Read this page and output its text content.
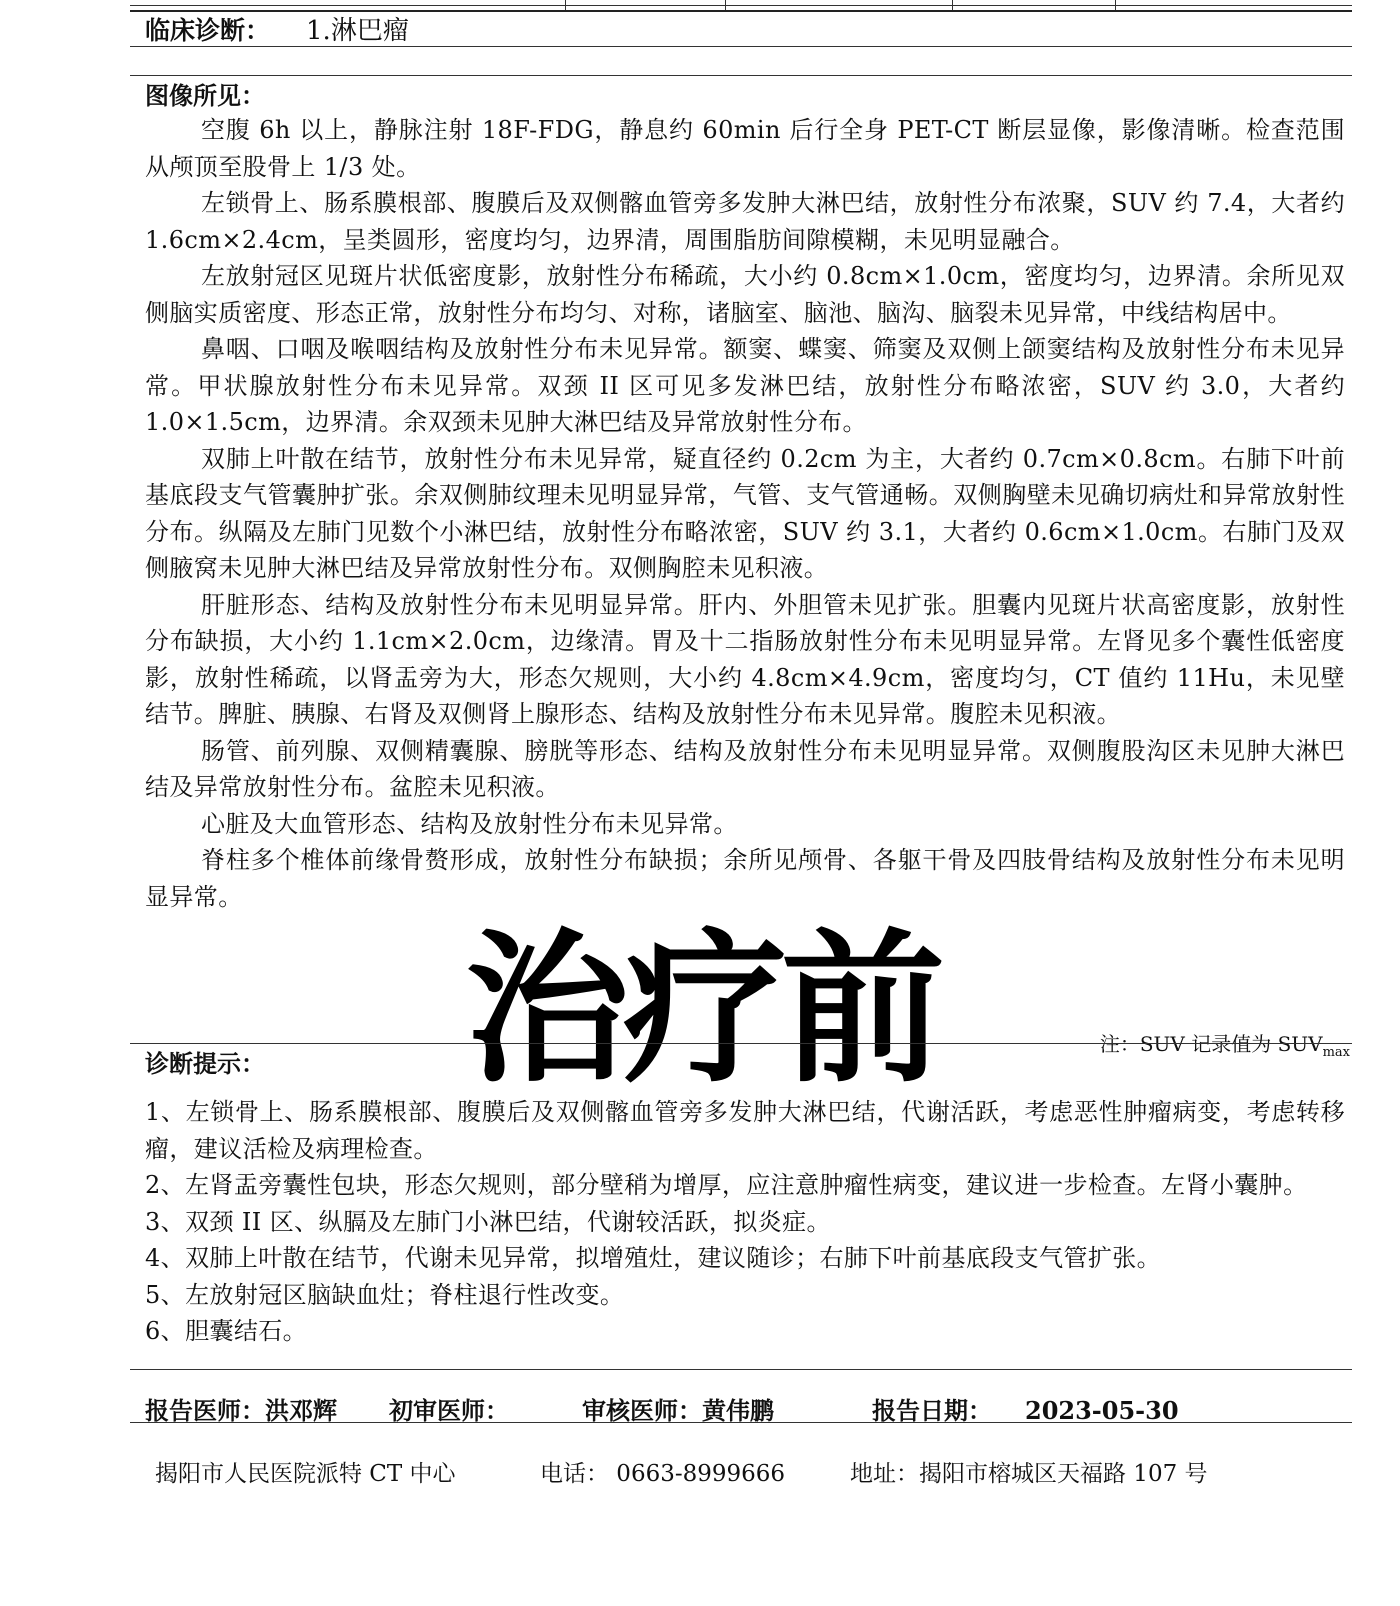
临床诊断： 1.淋巴瘤
图像所见：

空腹 6h 以上，静脉注射 18F-FDG，静息约 60min 后行全身 PET-CT 断层显像，影像清晰。检查范围从颅顶至股骨上 1/3 处。

左锁骨上、肠系膜根部、腹膜后及双侧髂血管旁多发肿大淋巴结，放射性分布浓聚，SUV 约 7.4，大者约 1.6cm×2.4cm，呈类圆形，密度均匀，边界清，周围脂肪间隙模糊，未见明显融合。

左放射冠区见斑片状低密度影，放射性分布稀疏，大小约 0.8cm×1.0cm，密度均匀，边界清。余所见双侧脑实质密度、形态正常，放射性分布均匀、对称，诸脑室、脑池、脑沟、脑裂未见异常，中线结构居中。

鼻咽、口咽及喉咽结构及放射性分布未见异常。额窦、蝶窦、筛窦及双侧上颌窦结构及放射性分布未见异常。甲状腺放射性分布未见异常。双颈 II 区可见多发淋巴结，放射性分布略浓密，SUV 约 3.0，大者约 1.0×1.5cm，边界清。余双颈未见肿大淋巴结及异常放射性分布。

双肺上叶散在结节，放射性分布未见异常，疑直径约 0.2cm 为主，大者约 0.7cm×0.8cm。右肺下叶前基底段支气管囊肿扩张。余双侧肺纹理未见明显异常，气管、支气管通畅。双侧胸壁未见确切病灶和异常放射性分布。纵隔及左肺门见数个小淋巴结，放射性分布略浓密，SUV 约 3.1，大者约 0.6cm×1.0cm。右肺门及双侧腋窝未见肿大淋巴结及异常放射性分布。双侧胸腔未见积液。

肝脏形态、结构及放射性分布未见明显异常。肝内、外胆管未见扩张。胆囊内见斑片状高密度影，放射性分布缺损，大小约 1.1cm×2.0cm，边缘清。胃及十二指肠放射性分布未见明显异常。左肾见多个囊性低密度影，放射性稀疏，以肾盂旁为大，形态欠规则，大小约 4.8cm×4.9cm，密度均匀，CT 值约 11Hu，未见壁结节。脾脏、胰腺、右肾及双侧肾上腺形态、结构及放射性分布未见异常。腹腔未见积液。

肠管、前列腺、双侧精囊腺、膀胱等形态、结构及放射性分布未见明显异常。双侧腹股沟区未见肿大淋巴结及异常放射性分布。盆腔未见积液。

心脏及大血管形态、结构及放射性分布未见异常。

脊柱多个椎体前缘骨赘形成，放射性分布缺损；余所见颅骨、各躯干骨及四肢骨结构及放射性分布未见明显异常。

治疗前	注：SUV 记录值为 $SUV_{max}$
诊断提示：

1、左锁骨上、肠系膜根部、腹膜后及双侧髂血管旁多发肿大淋巴结，代谢活跃，考虑恶性肿瘤病变，考虑转移瘤，建议活检及病理检查。

2、左肾盂旁囊性包块，形态欠规则，部分壁稍为增厚，应注意肿瘤性病变，建议进一步检查。左肾小囊肿。

3、双颈 II 区、纵膈及左肺门小淋巴结，代谢较活跃，拟炎症。

4、双肺上叶散在结节，代谢未见异常，拟增殖灶，建议随诊；右肺下叶前基底段支气管扩张。

5、左放射冠区脑缺血灶；脊柱退行性改变。

6、胆囊结石。

报告医师：洪邓辉 初审医师：	审核医师：黄伟鹏	报告日期： 2023-05-30
揭阳市人民医院派特 CT 中心	电话： 0663-8999666	地址：揭阳市榕城区天福路 107 号
